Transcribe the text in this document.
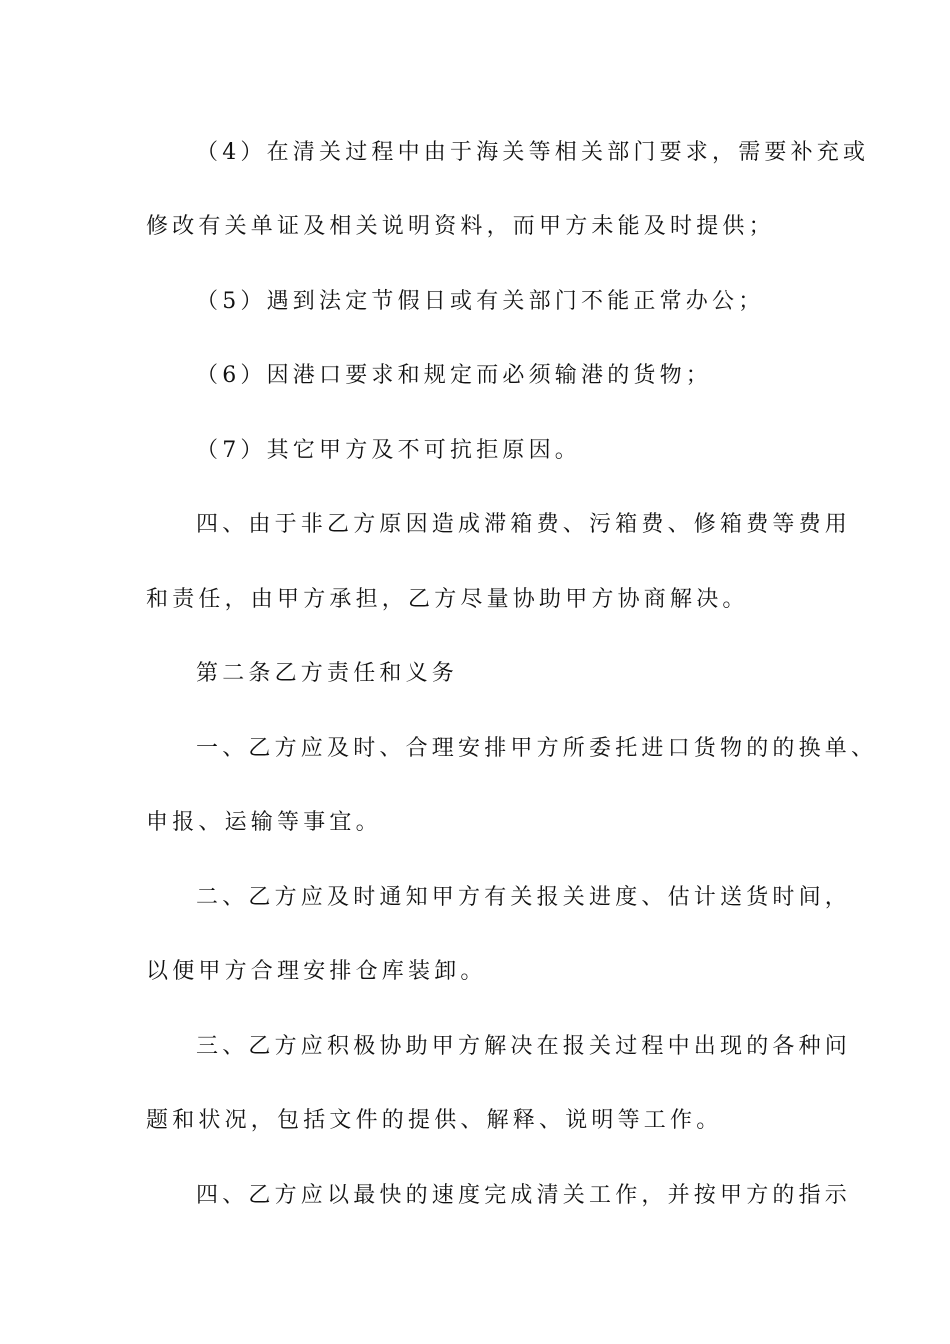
（4）在清关过程中由于海关等相关部门要求，需要补充或

修改有关单证及相关说明资料，而甲方未能及时提供；

（5）遇到法定节假日或有关部门不能正常办公；

（6）因港口要求和规定而必须输港的货物；

（7）其它甲方及不可抗拒原因。

四、由于非乙方原因造成滞箱费、污箱费、修箱费等费用

和责任，由甲方承担，乙方尽量协助甲方协商解决。

第二条乙方责任和义务

一、乙方应及时、合理安排甲方所委托进口货物的的换单、

申报、运输等事宜。

二、乙方应及时通知甲方有关报关进度、估计送货时间，

以便甲方合理安排仓库装卸。

三、乙方应积极协助甲方解决在报关过程中出现的各种问

题和状况，包括文件的提供、解释、说明等工作。

四、乙方应以最快的速度完成清关工作，并按甲方的指示
